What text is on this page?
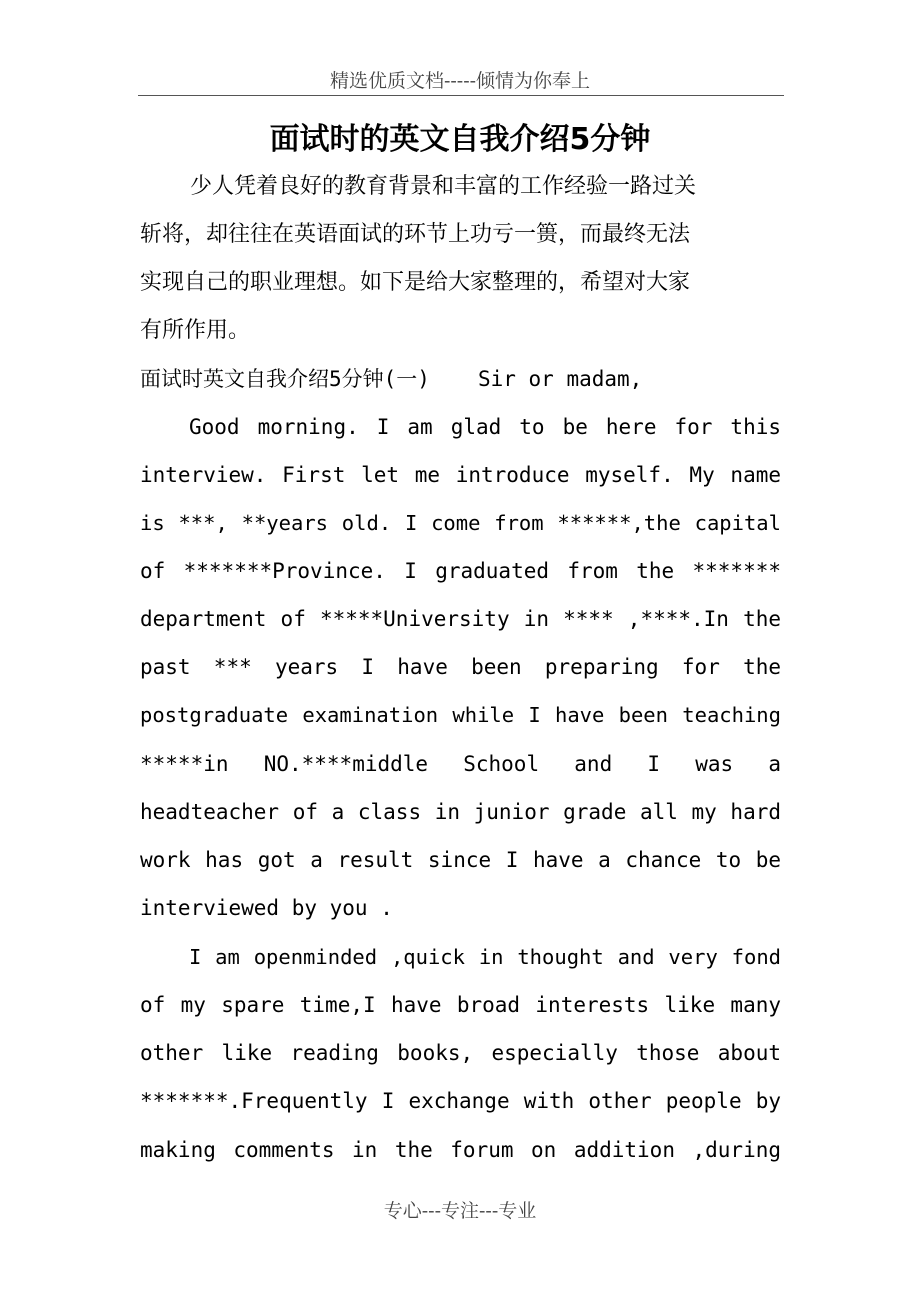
精选优质文档-----倾情为你奉上
面试时的英文自我介绍5分钟
少人凭着良好的教育背景和丰富的工作经验一路过关
斩将，却往往在英语面试的环节上功亏一篑，而最终无法
实现自己的职业理想。如下是给大家整理的，希望对大家
有所作用。
面试时英文自我介绍5分钟(一) Sir or madam,
Good morning. I am glad to be here for this
interview. First let me introduce myself. My name
is ***, **years old. I come from ******,the capital
of *******Province. I graduated from the *******
department of *****University in **** ,****.In the
past *** years I have been preparing for the
postgraduate examination while I have been teaching
*****in NO.****middle School and I was a
headteacher of a class in junior grade all my hard
work has got a result since I have a chance to be
interviewed by you .
I am openminded ,quick in thought and very fond
of my spare time,I have broad interests like many
other like reading books, especially those about
*******.Frequently I exchange with other people by
making comments in the forum on addition ,during
专心---专注---专业
